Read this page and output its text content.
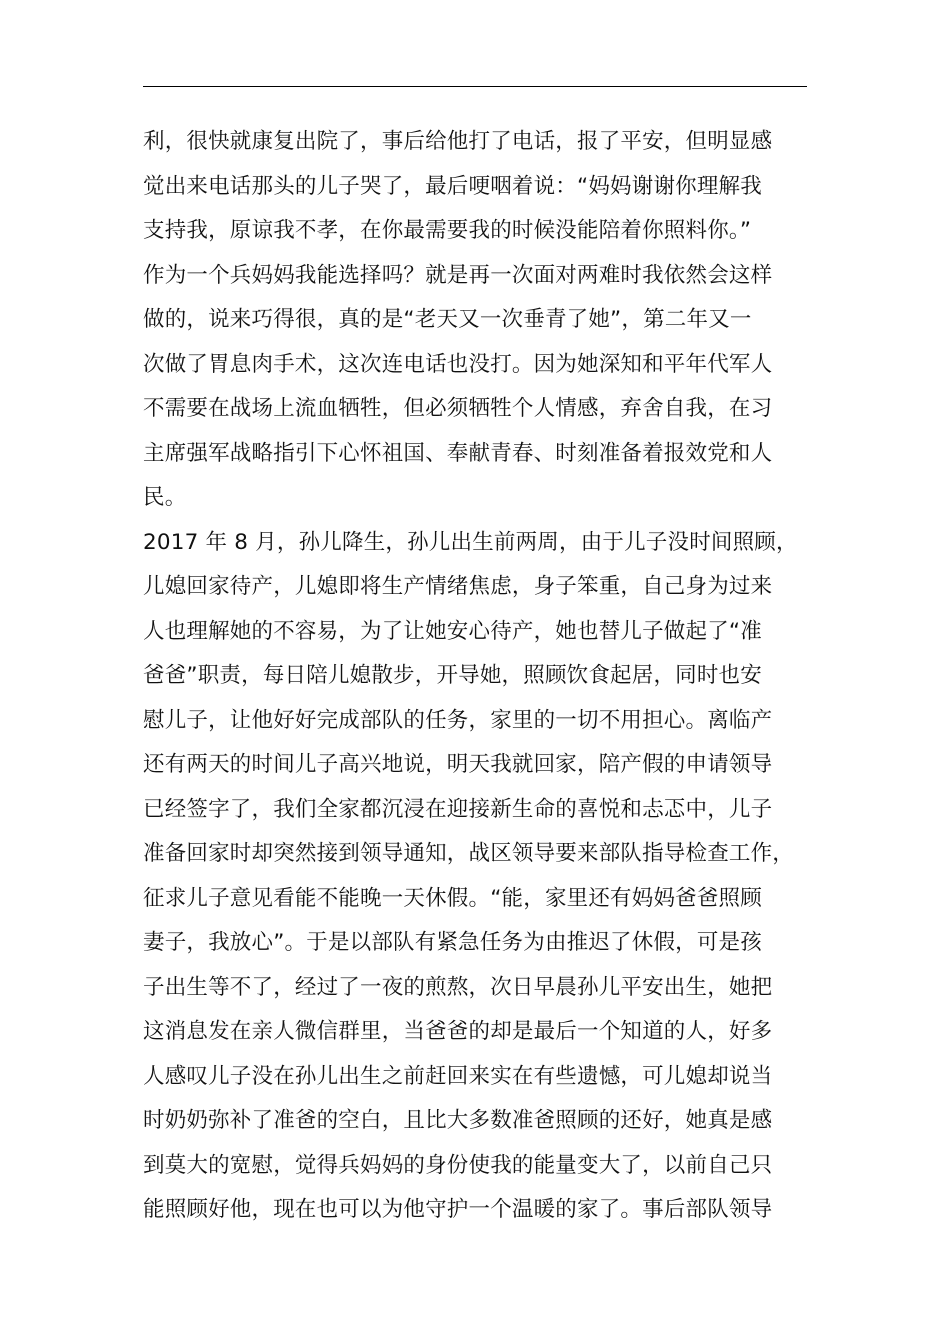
利，很快就康复出院了，事后给他打了电话，报了平安，但明显感
觉出来电话那头的儿子哭了，最后哽咽着说：“妈妈谢谢你理解我
支持我，原谅我不孝，在你最需要我的时候没能陪着你照料你。”
作为一个兵妈妈我能选择吗？就是再一次面对两难时我依然会这样
做的，说来巧得很，真的是“老天又一次垂青了她”，第二年又一
次做了胃息肉手术，这次连电话也没打。因为她深知和平年代军人
不需要在战场上流血牺牲，但必须牺牲个人情感，弃舍自我，在习
主席强军战略指引下心怀祖国、奉献青春、时刻准备着报效党和人
民。
2017 年 8 月，孙儿降生，孙儿出生前两周，由于儿子没时间照顾，
儿媳回家待产，儿媳即将生产情绪焦虑，身子笨重，自己身为过来
人也理解她的不容易，为了让她安心待产，她也替儿子做起了“准
爸爸”职责，每日陪儿媳散步，开导她，照顾饮食起居，同时也安
慰儿子，让他好好完成部队的任务，家里的一切不用担心。离临产
还有两天的时间儿子高兴地说，明天我就回家，陪产假的申请领导
已经签字了，我们全家都沉浸在迎接新生命的喜悦和忐忑中，儿子
准备回家时却突然接到领导通知，战区领导要来部队指导检查工作，
征求儿子意见看能不能晚一天休假。“能，家里还有妈妈爸爸照顾
妻子，我放心”。于是以部队有紧急任务为由推迟了休假，可是孩
子出生等不了，经过了一夜的煎熬，次日早晨孙儿平安出生，她把
这消息发在亲人微信群里，当爸爸的却是最后一个知道的人，好多
人感叹儿子没在孙儿出生之前赶回来实在有些遗憾，可儿媳却说当
时奶奶弥补了准爸的空白，且比大多数准爸照顾的还好，她真是感
到莫大的宽慰，觉得兵妈妈的身份使我的能量变大了，以前自己只
能照顾好他，现在也可以为他守护一个温暖的家了。事后部队领导
